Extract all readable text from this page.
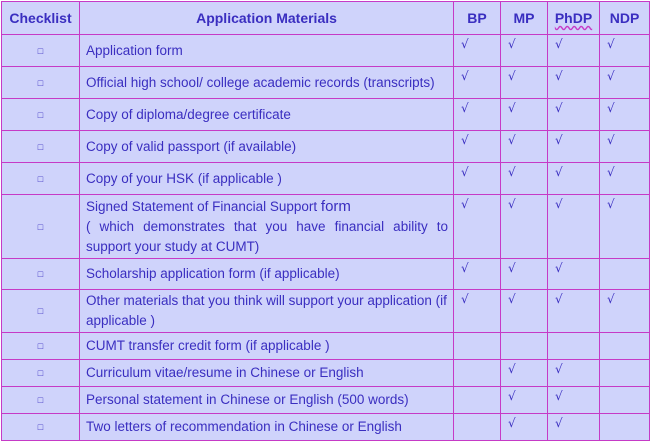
Checklist	Application Materials	BP	MP	PhDP	NDP
□	Application form	√	√	√	√
□	Official high school/ college academic records (transcripts)	√	√	√	√
□	Copy of diploma/degree certificate	√	√	√	√
□	Copy of valid passport (if available)	√	√	√	√
□	Copy of your HSK (if applicable )	√	√	√	√
□	Signed Statement of Financial Support form
( which demonstrates that you have financial ability to support your study at CUMT)	√	√	√	√
□	Scholarship application form (if applicable)	√	√	√	
□	Other materials that you think will support your application (if applicable )	√	√	√	√
□	CUMT transfer credit form (if applicable )				
□	Curriculum vitae/resume in Chinese or English		√	√	
□	Personal statement in Chinese or English (500 words)		√	√	
□	Two letters of recommendation in Chinese or English		√	√	
